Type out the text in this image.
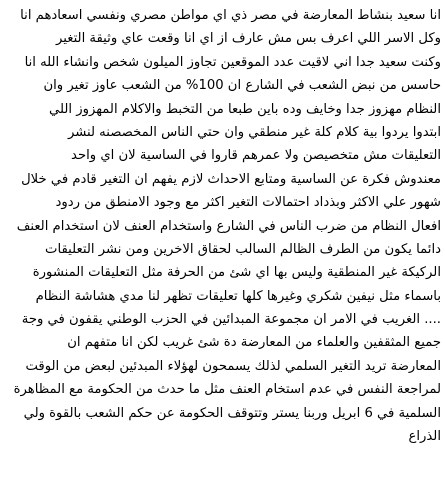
انا سعيد بنشاط المعارضة في مصر ذي اي مواطن مصري ونفسي اسعادهم انا
وكل الاسر اللي اعرف بس مش عارف از اي انا وقعت عاي وثيقة التغير
وكنت سعيد جدا اني لاقيت عدد الموقعين تجاوز الميلون شخص وانشاء الله انا
حاسس من نبض الشعب في الشارع ان 100% من الشعب عاوز تغير وان
النظام مهزوز جدا وخايف وده باين طبعا من التخبط والاكلام المهزوز اللي
ابتدوا يردوا بية كلام كلة غير منطقي وان حتي الناس المخصصنه لنشر
التعليقات مش متخصيصن ولا عمرهم قاروا في الساسية لان اي واحد
معندوش فكرة عن الساسية ومتابع الاحداث لازم يفهم ان التغير قادم في خلال
شهور علي الاكثر وبذداد احتمالات التغير اكثر مع وجود الامنطق من ردود
افعال النظام من ضرب الناس في الشارع واستخدام العنف لان استخدام العنف
دائما يكون من الطرف الظالم السالب لحقاق الاخرين ومن نشر التعليقات
الركيكة غير المنطقية وليس بها اي شئ من الحرفة مثل التعليقات المنشورة
باسماء مثل نيفين شكري وغيرها كلها تعليقات تظهر لنا مدي هشاشة النظام
.... الغريب في الامر ان مجموعة المبدائين في الحزب الوطني يقفون في وجة
جميع المثقفين والعلماء من المعارضة دة شئ غريب لكن انا متفهم ان
المعارضة تريد التغير السلمي لذلك يسمحون لهؤلاء المبدئين لبعض من الوقت
لمراجعة النفس في عدم استخام العنف مثل ما حدث من الحكومة مع المظاهرة
السلمية في 6 ابريل وربنا يستر وتتوقف الحكومة عن حكم الشعب بالقوة ولي
الذراع
